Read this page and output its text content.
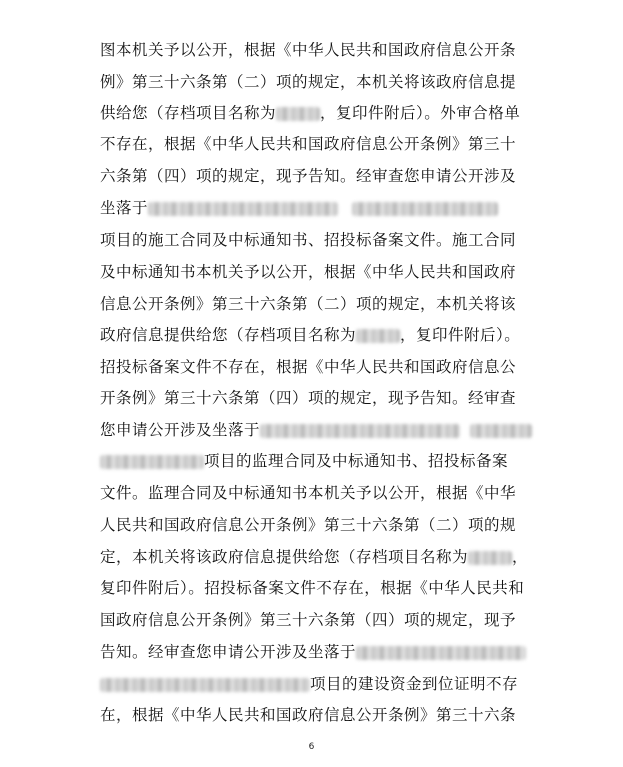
图本机关予以公开，根据《中华人民共和国政府信息公开条
例》第三十六条第（二）项的规定，本机关将该政府信息提
供给您（存档项目名称为	，复印件附后）。外审合格单
不存在，根据《中华人民共和国政府信息公开条例》第三十
六条第（四）项的规定，现予告知。经审查您申请公开涉及
坐落于
项目的施工合同及中标通知书、招投标备案文件。施工合同
及中标通知书本机关予以公开，根据《中华人民共和国政府
信息公开条例》第三十六条第（二）项的规定，本机关将该
政府信息提供给您（存档项目名称为	，复印件附后）。
招投标备案文件不存在，根据《中华人民共和国政府信息公
开条例》第三十六条第（四）项的规定，现予告知。经审查
您申请公开涉及坐落于
项目的监理合同及中标通知书、招投标备案
文件。监理合同及中标通知书本机关予以公开，根据《中华
人民共和国政府信息公开条例》第三十六条第（二）项的规
定，本机关将该政府信息提供给您（存档项目名称为	，
复印件附后）。招投标备案文件不存在，根据《中华人民共和
国政府信息公开条例》第三十六条第（四）项的规定，现予
告知。经审查您申请公开涉及坐落于
项目的建设资金到位证明不存
在，根据《中华人民共和国政府信息公开条例》第三十六条
6
